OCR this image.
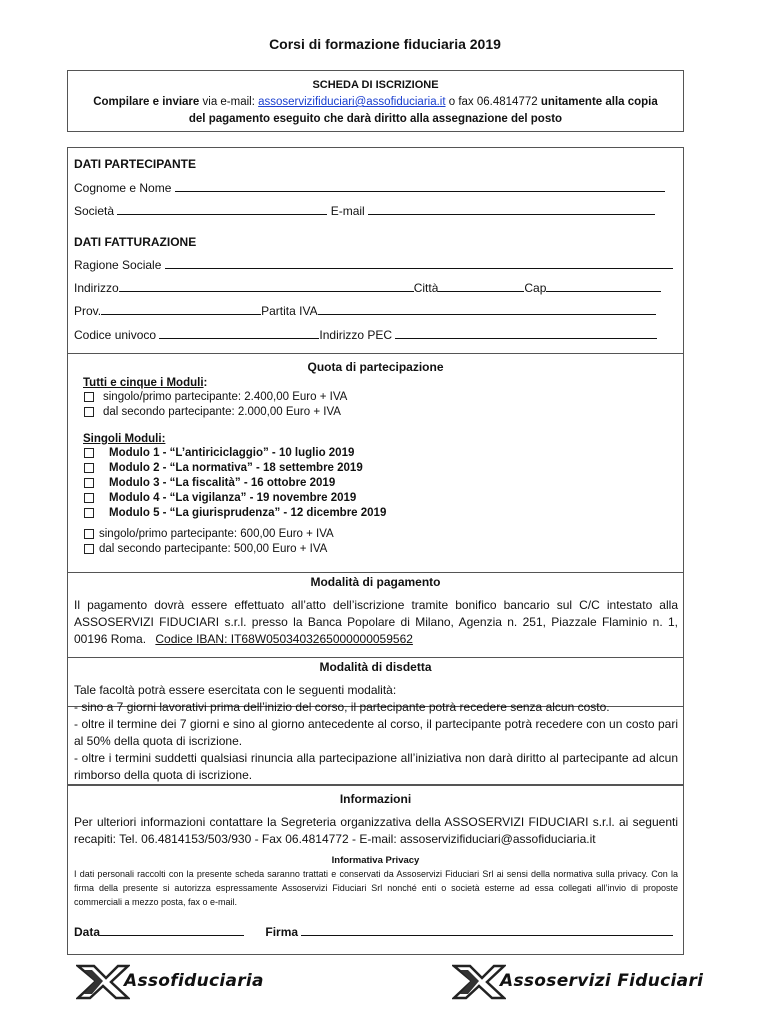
Corsi di formazione fiduciaria 2019
SCHEDA DI ISCRIZIONE
Compilare e inviare via e-mail: assoservizifiduciari@assofiduciaria.it o fax 06.4814772 unitamente alla copia
del pagamento eseguito che darà diritto alla assegnazione del posto
DATI PARTECIPANTE
Cognome e Nome
Società	E-mail
DATI FATTURAZIONE
Ragione Sociale
Indirizzo	Città	Cap
Prov.	Partita IVA
Codice univoco	Indirizzo PEC
Quota di partecipazione
Tutti e cinque i Moduli:
singolo/primo partecipante: 2.400,00 Euro + IVA
dal secondo partecipante: 2.000,00 Euro + IVA
Singoli Moduli:
Modulo 1 - “L’antiriciclaggio” - 10 luglio 2019
Modulo 2 - “La normativa” - 18 settembre 2019
Modulo 3 - “La fiscalità” - 16 ottobre 2019
Modulo 4 - “La vigilanza” - 19 novembre 2019
Modulo 5 - “La giurisprudenza” - 12 dicembre 2019
singolo/primo partecipante: 600,00 Euro + IVA
dal secondo partecipante: 500,00 Euro + IVA
Modalità di pagamento
Il pagamento dovrà essere effettuato all’atto dell’iscrizione tramite bonifico bancario sul C/C intestato alla ASSOSERVIZI FIDUCIARI s.r.l. presso la Banca Popolare di Milano, Agenzia n. 251, Piazzale Flaminio n. 1, 00196 Roma. Codice IBAN: IT68W0503403265000000059562
Modalità di disdetta
Tale facoltà potrà essere esercitata con le seguenti modalità:
- sino a 7 giorni lavorativi prima dell’inizio del corso, il partecipante potrà recedere senza alcun costo.
- oltre il termine dei 7 giorni e sino al giorno antecedente al corso, il partecipante potrà recedere con un costo pari al 50% della quota di iscrizione.
- oltre i termini suddetti qualsiasi rinuncia alla partecipazione all’iniziativa non darà diritto al partecipante ad alcun rimborso della quota di iscrizione.
Informazioni
Per ulteriori informazioni contattare la Segreteria organizzativa della ASSOSERVIZI FIDUCIARI s.r.l. ai seguenti recapiti: Tel. 06.4814153/503/930 - Fax 06.4814772 - E-mail: assoservizifiduciari@assofiduciaria.it
Informativa Privacy
I dati personali raccolti con la presente scheda saranno trattati e conservati da Assoservizi Fiduciari Srl ai sensi della normativa sulla privacy. Con la firma della presente si autorizza espressamente Assoservizi Fiduciari Srl nonché enti o società esterne ad essa collegati all’invio di proposte commerciali a mezzo posta, fax o e-mail.
Data	Firma
Assofiduciaria	Assoservizi Fiduciari
